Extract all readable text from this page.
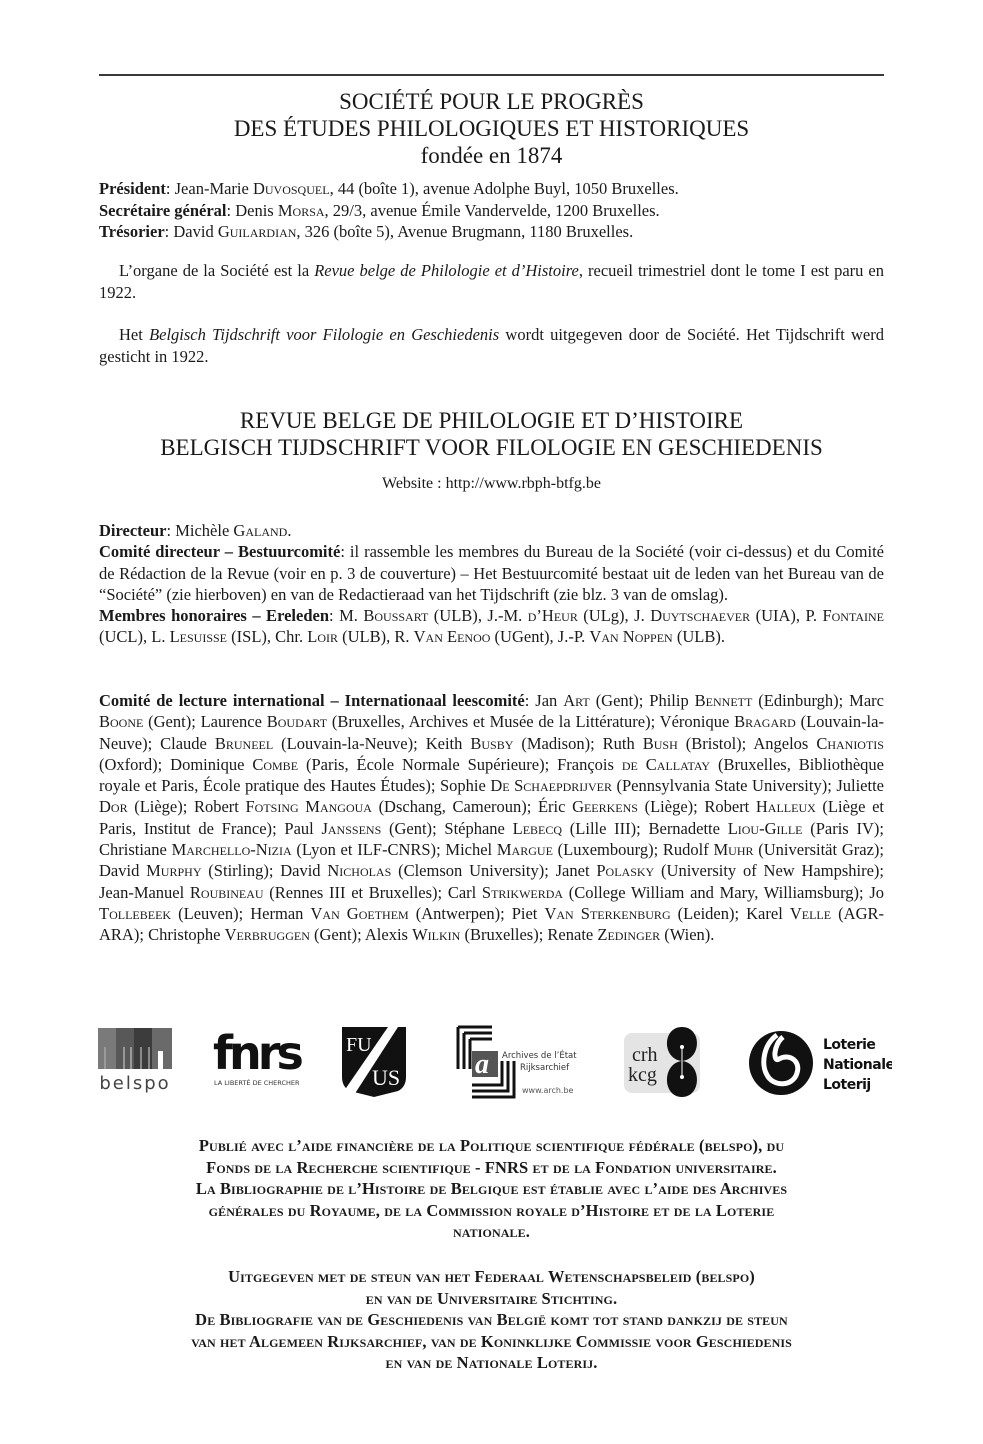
SOCIÉTÉ POUR LE PROGRÈS
DES ÉTUDES PHILOLOGIQUES ET HISTORIQUES
fondée en 1874
Président: Jean-Marie Duvosquel, 44 (boîte 1), avenue Adolphe Buyl, 1050 Bruxelles.
Secrétaire général: Denis Morsa, 29/3, avenue Émile Vandervelde, 1200 Bruxelles.
Trésorier: David Guilardian, 326 (boîte 5), Avenue Brugmann, 1180 Bruxelles.
L’organe de la Société est la Revue belge de Philologie et d’Histoire, recueil trimestriel dont le tome I est paru en 1922.
Het Belgisch Tijdschrift voor Filologie en Geschiedenis wordt uitgegeven door de Société. Het Tijdschrift werd gesticht in 1922.
REVUE BELGE DE PHILOLOGIE ET D’HISTOIRE
BELGISCH TIJDSCHRIFT VOOR FILOLOGIE EN GESCHIEDENIS
Website : http://www.rbph-btfg.be
Directeur: Michèle Galand.
Comité directeur – Bestuurcomité: il rassemble les membres du Bureau de la Société (voir ci-dessus) et du Comité de Rédaction de la Revue (voir en p. 3 de couverture) – Het Bestuurcomité bestaat uit de leden van het Bureau van de “Société” (zie hierboven) en van de Redactieraad van het Tijdschrift (zie blz. 3 van de omslag).
Membres honoraires – Ereleden: M. Boussart (ULB), J.-M. d’Heur (ULg), J. Duytschaever (UIA), P. Fontaine (UCL), L. Lesuisse (ISL), Chr. Loir (ULB), R. Van Eenoo (UGent), J.-P. Van Noppen (ULB).
Comité de lecture international – Internationaal leescomité: Jan Art (Gent); Philip Bennett (Edinburgh); Marc Boone (Gent); Laurence Boudart (Bruxelles, Archives et Musée de la Littérature); Véronique Bragard (Louvain-la-Neuve); Claude Bruneel (Louvain-la-Neuve); Keith Busby (Madison); Ruth Bush (Bristol); Angelos Chaniotis (Oxford); Dominique Combe (Paris, École Normale Supérieure); François de Callatay (Bruxelles, Bibliothèque royale et Paris, École pratique des Hautes Études); Sophie De Schaepdrijver (Pennsylvania State University); Juliette Dor (Liège); Robert Fotsing Mangoua (Dschang, Cameroun); Éric Geerkens (Liège); Robert Halleux (Liège et Paris, Institut de France); Paul Janssens (Gent); Stéphane Lebecq (Lille III); Bernadette Liou-Gille (Paris IV); Christiane Marchello-Nizia (Lyon et ILF-CNRS); Michel Margue (Luxembourg); Rudolf Muhr (Universität Graz); David Murphy (Stirling); David Nicholas (Clemson University); Janet Polasky (University of New Hampshire); Jean-Manuel Roubineau (Rennes III et Bruxelles); Carl Strikwerda (College William and Mary, Williamsburg); Jo Tollebeek (Leuven); Herman Van Goethem (Antwerpen); Piet Van Sterkenburg (Leiden); Karel Velle (AGR-ARA); Christophe Verbruggen (Gent); Alexis Wilkin (Bruxelles); Renate Zedinger (Wien).
belspo
fnrs
LA LIBERTÉ DE CHERCHER
FU
US	a Archives de l’État
Rijksarchief
www.arch.be
crh
kcg
Loterie
Nationale
Loterij
Publié avec l’aide financière de la Politique scientifique fédérale (belspo), du
Fonds de la Recherche scientifique - FNRS et de la Fondation universitaire.
La Bibliographie de l’Histoire de Belgique est établie avec l’aide des Archives
générales du Royaume, de la Commission royale d’Histoire et de la Loterie
nationale.
Uitgegeven met de steun van het Federaal Wetenschapsbeleid (belspo)
en van de Universitaire Stichting.
De Bibliografie van de Geschiedenis van België komt tot stand dankzij de steun
van het Algemeen Rijksarchief, van de Koninklijke Commissie voor Geschiedenis
en van de Nationale Loterij.
